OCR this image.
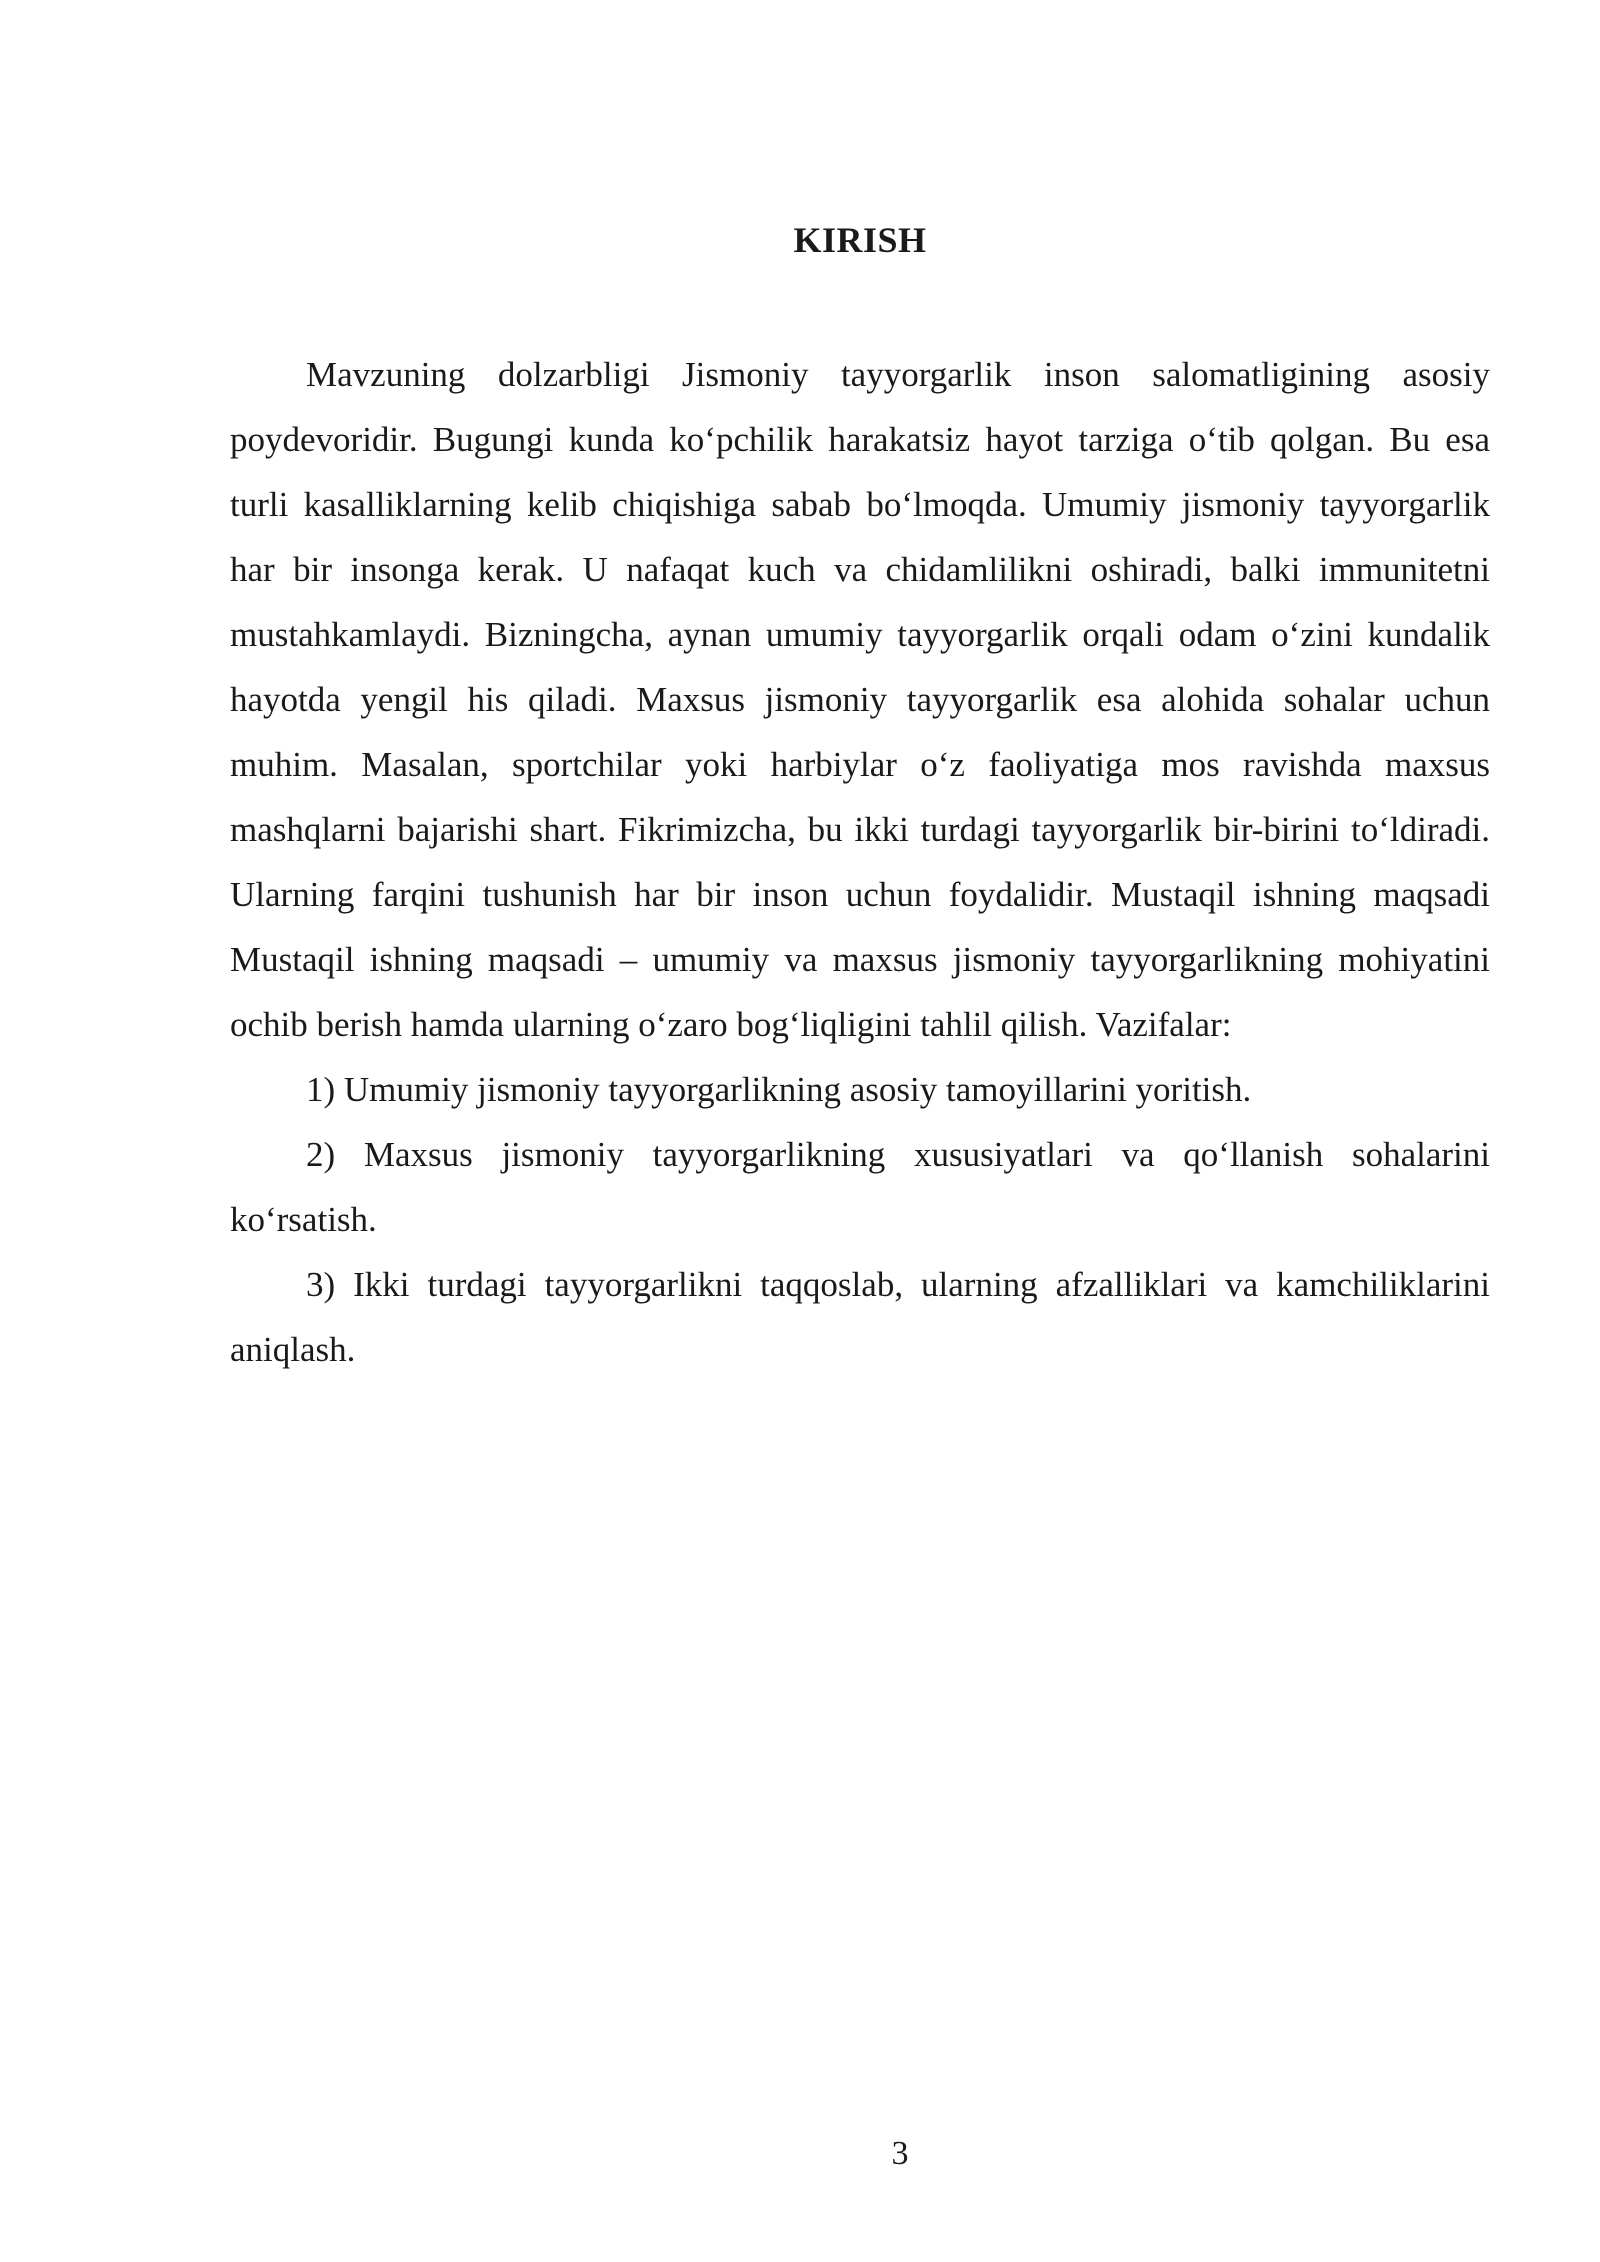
KIRISH

Mavzuning dolzarbligi Jismoniy tayyorgarlik inson salomatligining asosiy poydevoridir. Bugungi kunda ko‘pchilik harakatsiz hayot tarziga o‘tib qolgan. Bu esa turli kasalliklarning kelib chiqishiga sabab bo‘lmoqda. Umumiy jismoniy tayyorgarlik har bir insonga kerak. U nafaqat kuch va chidamlilikni oshiradi, balki immunitetni mustahkamlaydi. Bizningcha, aynan umumiy tayyorgarlik orqali odam o‘zini kundalik hayotda yengil his qiladi. Maxsus jismoniy tayyorgarlik esa alohida sohalar uchun muhim. Masalan, sportchilar yoki harbiylar o‘z faoliyatiga mos ravishda maxsus mashqlarni bajarishi shart. Fikrimizcha, bu ikki turdagi tayyorgarlik bir-birini to‘ldiradi. Ularning farqini tushunish har bir inson uchun foydalidir. Mustaqil ishning maqsadi Mustaqil ishning maqsadi – umumiy va maxsus jismoniy tayyorgarlikning mohiyatini ochib berish hamda ularning o‘zaro bog‘liqligini tahlil qilish. Vazifalar:

1) Umumiy jismoniy tayyorgarlikning asosiy tamoyillarini yoritish.

2) Maxsus jismoniy tayyorgarlikning xususiyatlari va qo‘llanish sohalarini ko‘rsatish.

3) Ikki turdagi tayyorgarlikni taqqoslab, ularning afzalliklari va kamchiliklarini aniqlash.

3
